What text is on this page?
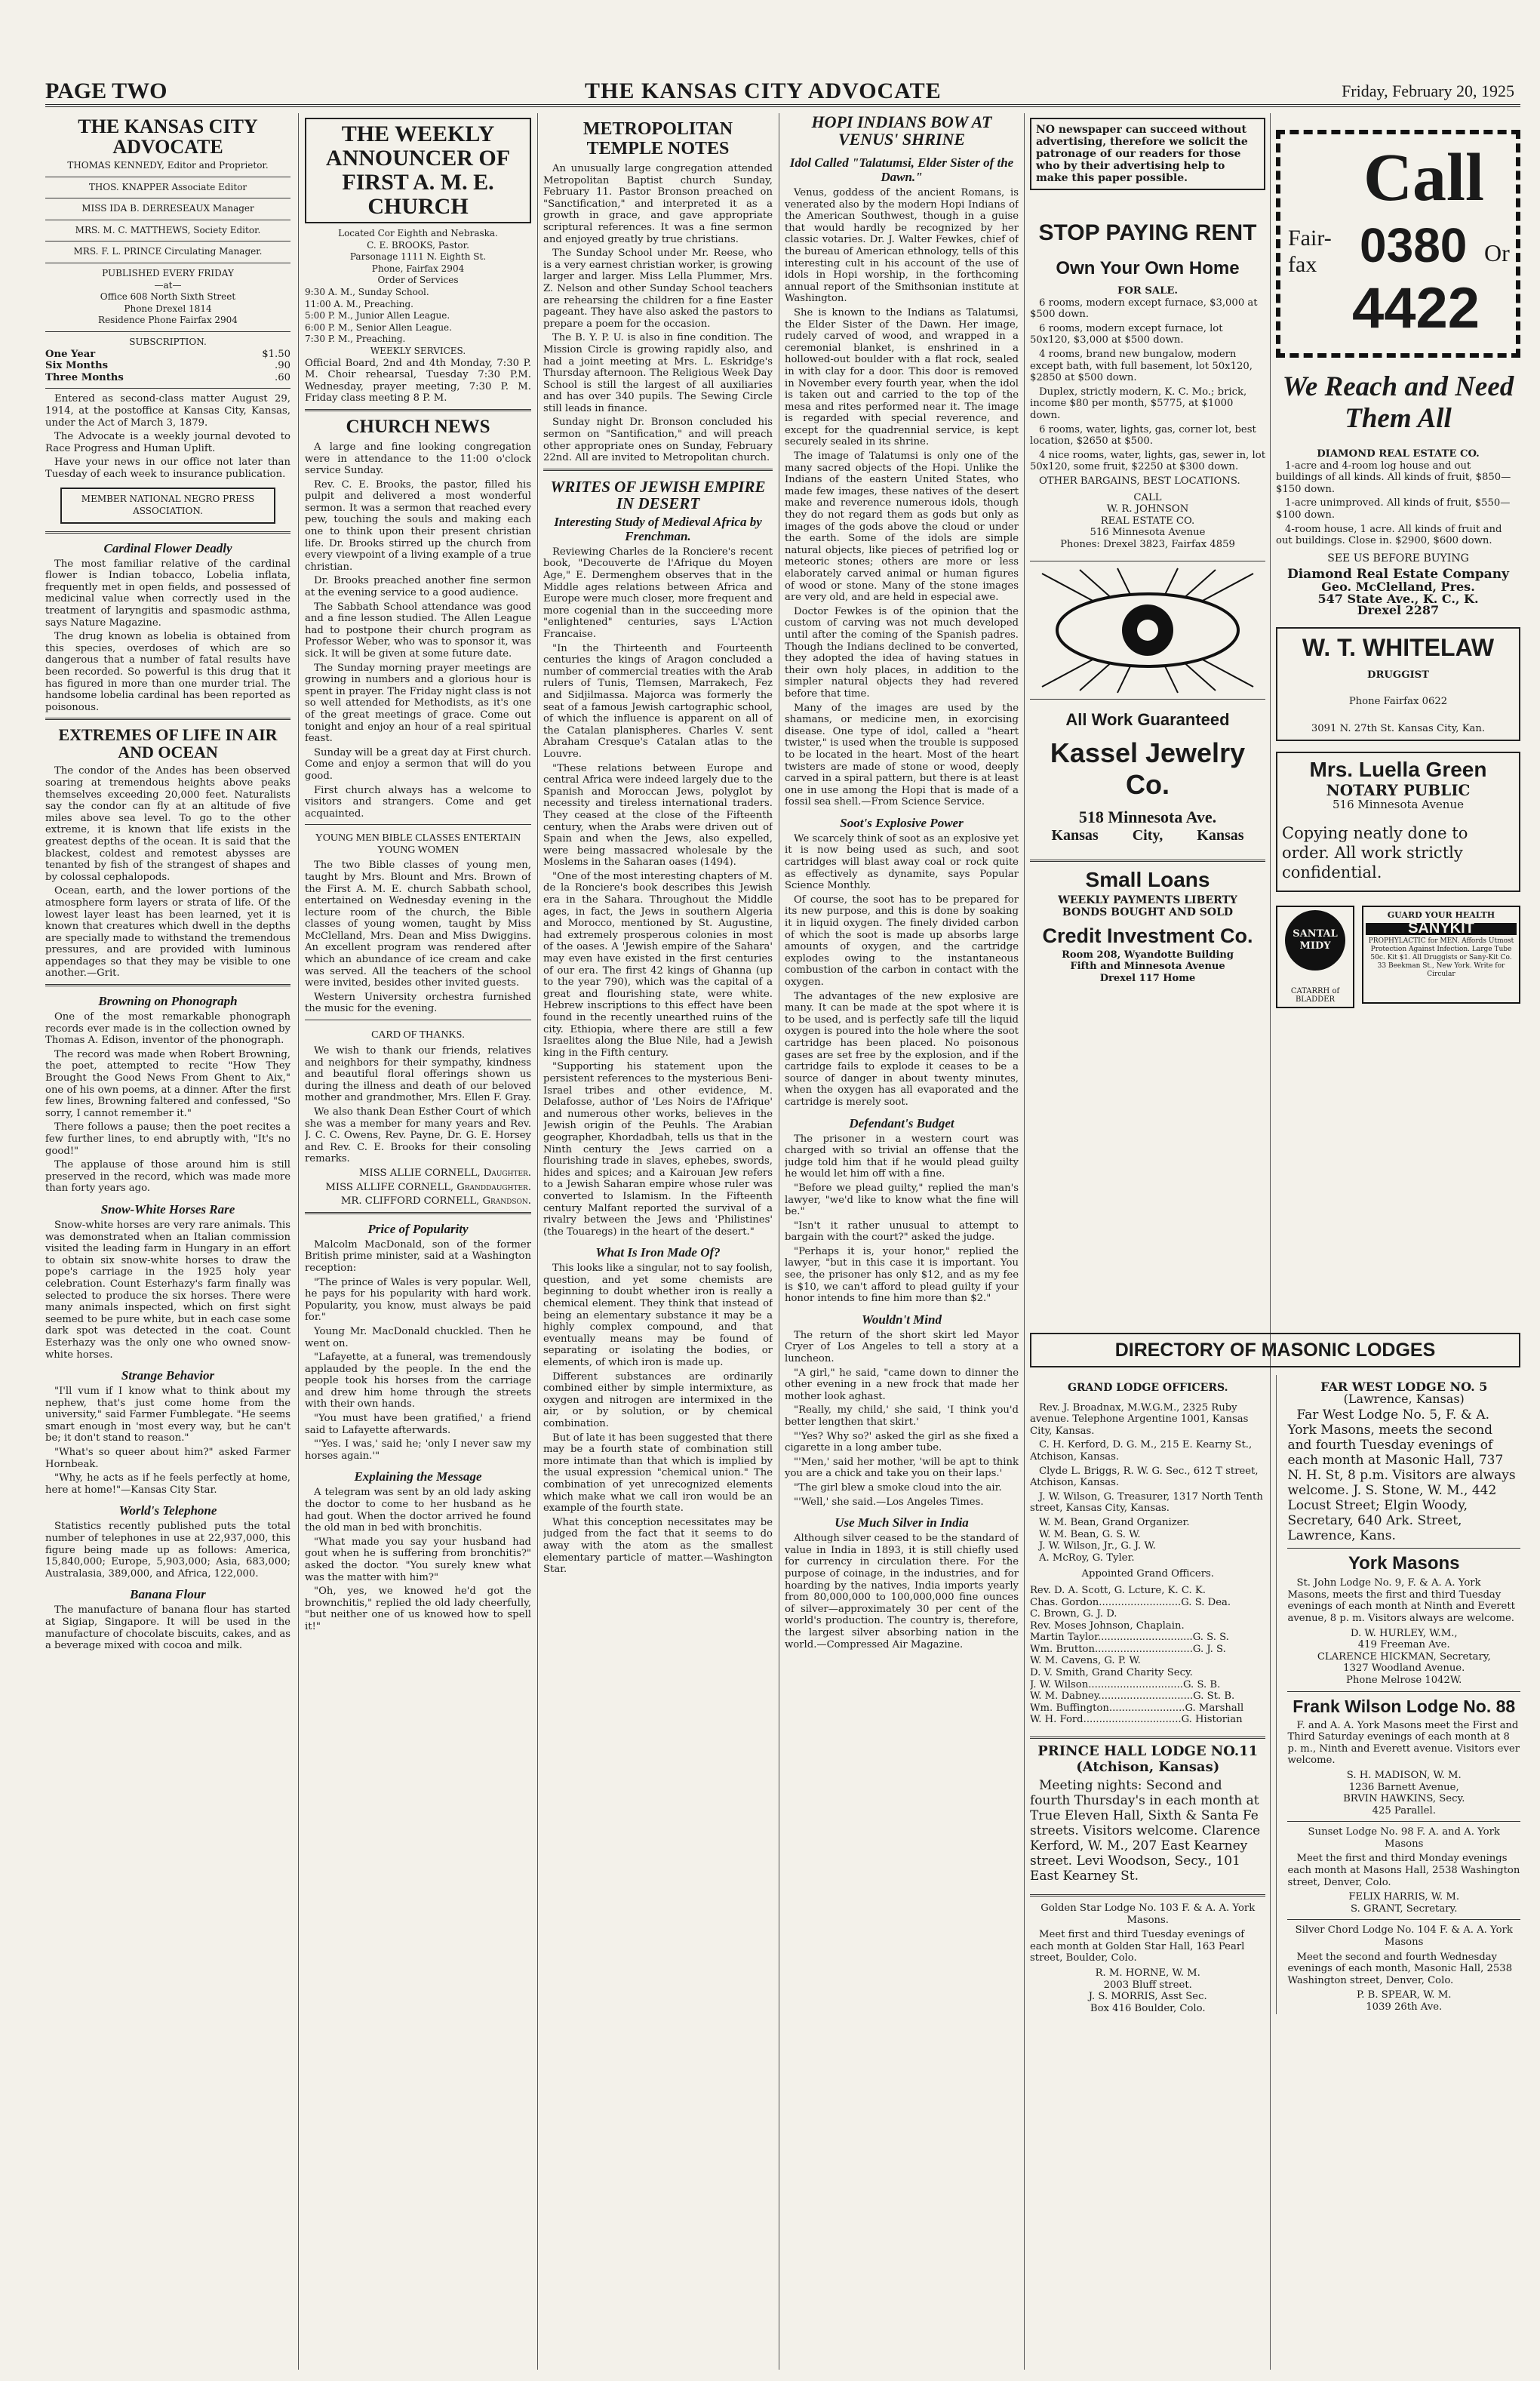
PAGE TWO	THE KANSAS CITY ADVOCATE	Friday, February 20, 1925
THE KANSAS CITY ADVOCATE
THOMAS KENNEDY, Editor and Proprietor.
THOS. KNAPPER Associate Editor
MISS IDA B. DERRESEAUX Manager
MRS. M. C. MATTHEWS, Society Editor.
MRS. F. L. PRINCE Circulating Manager.
PUBLISHED EVERY FRIDAY
—at—
Office 608 North Sixth Street
Phone Drexel 1814
Residence Phone Fairfax 2904
SUBSCRIPTION.
One Year	$1.50
Six Months	.90
Three Months	.60

Entered as second-class matter August 29, 1914, at the postoffice at Kansas City, Kansas, under the Act of March 3, 1879.

The Advocate is a weekly journal devoted to Race Progress and Human Uplift.

Have your news in our office not later than Tuesday of each week to insurance publication.

MEMBER NATIONAL NEGRO PRESS ASSOCIATION.
Cardinal Flower Deadly

The most familiar relative of the cardinal flower is Indian tobacco, Lobelia inflata, frequently met in open fields, and possessed of medicinal value when correctly used in the treatment of laryngitis and spasmodic asthma, says Nature Magazine.

The drug known as lobelia is obtained from this species, overdoses of which are so dangerous that a number of fatal results have been recorded. So powerful is this drug that it has figured in more than one murder trial. The handsome lobelia cardinal has been reported as poisonous.

EXTREMES OF LIFE IN AIR AND OCEAN

The condor of the Andes has been observed soaring at tremendous heights above peaks themselves exceeding 20,000 feet. Naturalists say the condor can fly at an altitude of five miles above sea level. To go to the other extreme, it is known that life exists in the greatest depths of the ocean. It is said that the blackest, coldest and remotest abysses are tenanted by fish of the strangest of shapes and by colossal cephalopods.

Ocean, earth, and the lower portions of the atmosphere form layers or strata of life. Of the lowest layer least has been learned, yet it is known that creatures which dwell in the depths are specially made to withstand the tremendous pressures, and are provided with luminous appendages so that they may be visible to one another.—Grit.

Browning on Phonograph

One of the most remarkable phonograph records ever made is in the collection owned by Thomas A. Edison, inventor of the phonograph.

The record was made when Robert Browning, the poet, attempted to recite "How They Brought the Good News From Ghent to Aix," one of his own poems, at a dinner. After the first few lines, Browning faltered and confessed, "So sorry, I cannot remember it."

There follows a pause; then the poet recites a few further lines, to end abruptly with, "It's no good!"

The applause of those around him is still preserved in the record, which was made more than forty years ago.

Snow-White Horses Rare

Snow-white horses are very rare animals. This was demonstrated when an Italian commission visited the leading farm in Hungary in an effort to obtain six snow-white horses to draw the pope's carriage in the 1925 holy year celebration. Count Esterhazy's farm finally was selected to produce the six horses. There were many animals inspected, which on first sight seemed to be pure white, but in each case some dark spot was detected in the coat. Count Esterhazy was the only one who owned snow-white horses.

Strange Behavior

"I'll vum if I know what to think about my nephew, that's just come home from the university," said Farmer Fumblegate. "He seems smart enough in 'most every way, but he can't be; it don't stand to reason."

"What's so queer about him?" asked Farmer Hornbeak.

"Why, he acts as if he feels perfectly at home, here at home!"—Kansas City Star.

World's Telephone

Statistics recently published puts the total number of telephones in use at 22,937,000, this figure being made up as follows: America, 15,840,000; Europe, 5,903,000; Asia, 683,000; Australasia, 389,000, and Africa, 122,000.

Banana Flour

The manufacture of banana flour has started at Sigiap, Singapore. It will be used in the manufacture of chocolate biscuits, cakes, and as a beverage mixed with cocoa and milk.

THE WEEKLY ANNOUNCER OF FIRST A. M. E. CHURCH
Located Cor Eighth and Nebraska.
C. E. BROOKS, Pastor.
Parsonage 1111 N. Eighth St.
Phone, Fairfax 2904
Order of Services
9:30 A. M., Sunday School.
11:00 A. M., Preaching.
5:00 P. M., Junior Allen League.
6:00 P. M., Senior Allen League.
7:30 P. M., Preaching.
WEEKLY SERVICES.

Official Board, 2nd and 4th Monday, 7:30 P. M. Choir rehearsal, Tuesday 7:30 P.M. Wednesday, prayer meeting, 7:30 P. M. Friday class meeting 8 P. M.

CHURCH NEWS

A large and fine looking congregation were in attendance to the 11:00 o'clock service Sunday.

Rev. C. E. Brooks, the pastor, filled his pulpit and delivered a most wonderful sermon. It was a sermon that reached every pew, touching the souls and making each one to think upon their present christian life. Dr. Brooks stirred up the church from every viewpoint of a living example of a true christian.

Dr. Brooks preached another fine sermon at the evening service to a good audience.

The Sabbath School attendance was good and a fine lesson studied. The Allen League had to postpone their church program as Professor Weber, who was to sponsor it, was sick. It will be given at some future date.

The Sunday morning prayer meetings are growing in numbers and a glorious hour is spent in prayer. The Friday night class is not so well attended for Methodists, as it's one of the great meetings of grace. Come out tonight and enjoy an hour of a real spiritual feast.

Sunday will be a great day at First church. Come and enjoy a sermon that will do you good.

First church always has a welcome to visitors and strangers. Come and get acquainted.

YOUNG MEN BIBLE CLASSES ENTERTAIN YOUNG WOMEN

The two Bible classes of young men, taught by Mrs. Blount and Mrs. Brown of the First A. M. E. church Sabbath school, entertained on Wednesday evening in the lecture room of the church, the Bible classes of young women, taught by Miss McClelland, Mrs. Dean and Miss Dwiggins. An excellent program was rendered after which an abundance of ice cream and cake was served. All the teachers of the school were invited, besides other invited guests.

Western University orchestra furnished the music for the evening.

CARD OF THANKS.

We wish to thank our friends, relatives and neighbors for their sympathy, kindness and beautiful floral offerings shown us during the illness and death of our beloved mother and grandmother, Mrs. Ellen F. Gray.

We also thank Dean Esther Court of which she was a member for many years and Rev. J. C. C. Owens, Rev. Payne, Dr. G. E. Horsey and Rev. C. E. Brooks for their consoling remarks.

MISS ALLIE CORNELL, Daughter.

MISS ALLIFE CORNELL, Granddaughter.

MR. CLIFFORD CORNELL, Grandson.

Price of Popularity

Malcolm MacDonald, son of the former British prime minister, said at a Washington reception:

"The prince of Wales is very popular. Well, he pays for his popularity with hard work. Popularity, you know, must always be paid for."

Young Mr. MacDonald chuckled. Then he went on.

"Lafayette, at a funeral, was tremendously applauded by the people. In the end the people took his horses from the carriage and drew him home through the streets with their own hands.

"You must have been gratified,' a friend said to Lafayette afterwards.

"'Yes. I was,' said he; 'only I never saw my horses again.'"

Explaining the Message

A telegram was sent by an old lady asking the doctor to come to her husband as he had gout. When the doctor arrived he found the old man in bed with bronchitis.

"What made you say your husband had gout when he is suffering from bronchitis?" asked the doctor. "You surely knew what was the matter with him?"

"Oh, yes, we knowed he'd got the brownchitis," replied the old lady cheerfully, "but neither one of us knowed how to spell it!"

METROPOLITAN TEMPLE NOTES

An unusually large congregation attended Metropolitan Baptist church Sunday, February 11. Pastor Bronson preached on "Sanctification," and interpreted it as a growth in grace, and gave appropriate scriptural references. It was a fine sermon and enjoyed greatly by true christians.

The Sunday School under Mr. Reese, who is a very earnest christian worker, is growing larger and larger. Miss Lella Plummer, Mrs. Z. Nelson and other Sunday School teachers are rehearsing the children for a fine Easter pageant. They have also asked the pastors to prepare a poem for the occasion.

The B. Y. P. U. is also in fine condition. The Mission Circle is growing rapidly also, and had a joint meeting at Mrs. L. Eskridge's Thursday afternoon. The Religious Week Day School is still the largest of all auxiliaries and has over 340 pupils. The Sewing Circle still leads in finance.

Sunday night Dr. Bronson concluded his sermon on "Santification," and will preach other appropriate ones on Sunday, February 22nd. All are invited to Metropolitan church.

WRITES OF JEWISH EMPIRE IN DESERT
Interesting Study of Medieval Africa by Frenchman.

Reviewing Charles de la Ronciere's recent book, "Decouverte de l'Afrique du Moyen Age," E. Dermenghem observes that in the Middle ages relations between Africa and Europe were much closer, more frequent and more cogenial than in the succeeding more "enlightened" centuries, says L'Action Francaise.

"In the Thirteenth and Fourteenth centuries the kings of Aragon concluded a number of commercial treaties with the Arab rulers of Tunis, Tlemsen, Marrakech, Fez and Sidjilmassa. Majorca was formerly the seat of a famous Jewish cartographic school, of which the influence is apparent on all of the Catalan planispheres. Charles V. sent Abraham Cresque's Catalan atlas to the Louvre.

"These relations between Europe and central Africa were indeed largely due to the Spanish and Moroccan Jews, polyglot by necessity and tireless international traders. They ceased at the close of the Fifteenth century, when the Arabs were driven out of Spain and when the Jews, also expelled, were being massacred wholesale by the Moslems in the Saharan oases (1494).

"One of the most interesting chapters of M. de la Ronciere's book describes this Jewish era in the Sahara. Throughout the Middle ages, in fact, the Jews in southern Algeria and Morocco, mentioned by St. Augustine, had extremely prosperous colonies in most of the oases. A 'Jewish empire of the Sahara' may even have existed in the first centuries of our era. The first 42 kings of Ghanna (up to the year 790), which was the capital of a great and flourishing state, were white. Hebrew inscriptions to this effect have been found in the recently unearthed ruins of the city. Ethiopia, where there are still a few Israelites along the Blue Nile, had a Jewish king in the Fifth century.

"Supporting his statement upon the persistent references to the mysterious Beni-Israel tribes and other evidence, M. Delafosse, author of 'Les Noirs de l'Afrique' and numerous other works, believes in the Jewish origin of the Peuhls. The Arabian geographer, Khordadbah, tells us that in the Ninth century the Jews carried on a flourishing trade in slaves, ephebes, swords, hides and spices; and a Kairouan Jew refers to a Jewish Saharan empire whose ruler was converted to Islamism. In the Fifteenth century Malfant reported the survival of a rivalry between the Jews and 'Philistines' (the Touaregs) in the heart of the desert."

What Is Iron Made Of?

This looks like a singular, not to say foolish, question, and yet some chemists are beginning to doubt whether iron is really a chemical element. They think that instead of being an elementary substance it may be a highly complex compound, and that eventually means may be found of separating or isolating the bodies, or elements, of which iron is made up.

Different substances are ordinarily combined either by simple intermixture, as oxygen and nitrogen are intermixed in the air, or by solution, or by chemical combination.

But of late it has been suggested that there may be a fourth state of combination still more intimate than that which is implied by the usual expression "chemical union." The combination of yet unrecognized elements which make what we call iron would be an example of the fourth state.

What this conception necessitates may be judged from the fact that it seems to do away with the atom as the smallest elementary particle of matter.—Washington Star.

HOPI INDIANS BOW AT VENUS' SHRINE
Idol Called "Talatumsi, Elder Sister of the Dawn."

Venus, goddess of the ancient Romans, is venerated also by the modern Hopi Indians of the American Southwest, though in a guise that would hardly be recognized by her classic votaries. Dr. J. Walter Fewkes, chief of the bureau of American ethnology, tells of this interesting cult in his account of the use of idols in Hopi worship, in the forthcoming annual report of the Smithsonian institute at Washington.

She is known to the Indians as Talatumsi, the Elder Sister of the Dawn. Her image, rudely carved of wood, and wrapped in a ceremonial blanket, is enshrined in a hollowed-out boulder with a flat rock, sealed in with clay for a door. This door is removed in November every fourth year, when the idol is taken out and carried to the top of the mesa and rites performed near it. The image is regarded with special reverence, and except for the quadrennial service, is kept securely sealed in its shrine.

The image of Talatumsi is only one of the many sacred objects of the Hopi. Unlike the Indians of the eastern United States, who made few images, these natives of the desert make and reverence numerous idols, though they do not regard them as gods but only as images of the gods above the cloud or under the earth. Some of the idols are simple natural objects, like pieces of petrified log or meteoric stones; others are more or less elaborately carved animal or human figures of wood or stone. Many of the stone images are very old, and are held in especial awe.

Doctor Fewkes is of the opinion that the custom of carving was not much developed until after the coming of the Spanish padres. Though the Indians declined to be converted, they adopted the idea of having statues in their own holy places, in addition to the simpler natural objects they had revered before that time.

Many of the images are used by the shamans, or medicine men, in exorcising disease. One type of idol, called a "heart twister," is used when the trouble is supposed to be located in the heart. Most of the heart twisters are made of stone or wood, deeply carved in a spiral pattern, but there is at least one in use among the Hopi that is made of a fossil sea shell.—From Science Service.

Soot's Explosive Power

We scarcely think of soot as an explosive yet it is now being used as such, and soot cartridges will blast away coal or rock quite as effectively as dynamite, says Popular Science Monthly.

Of course, the soot has to be prepared for its new purpose, and this is done by soaking it in liquid oxygen. The finely divided carbon of which the soot is made up absorbs large amounts of oxygen, and the cartridge explodes owing to the instantaneous combustion of the carbon in contact with the oxygen.

The advantages of the new explosive are many. It can be made at the spot where it is to be used, and is perfectly safe till the liquid oxygen is poured into the hole where the soot cartridge has been placed. No poisonous gases are set free by the explosion, and if the cartridge fails to explode it ceases to be a source of danger in about twenty minutes, when the oxygen has all evaporated and the cartridge is merely soot.

Defendant's Budget

The prisoner in a western court was charged with so trivial an offense that the judge told him that if he would plead guilty he would let him off with a fine.

"Before we plead guilty," replied the man's lawyer, "we'd like to know what the fine will be."

"Isn't it rather unusual to attempt to bargain with the court?" asked the judge.

"Perhaps it is, your honor," replied the lawyer, "but in this case it is important. You see, the prisoner has only $12, and as my fee is $10, we can't afford to plead guilty if your honor intends to fine him more than $2."

Wouldn't Mind

The return of the short skirt led Mayor Cryer of Los Angeles to tell a story at a luncheon.

"A girl," he said, "came down to dinner the other evening in a new frock that made her mother look aghast.

"Really, my child,' she said, 'I think you'd better lengthen that skirt.'

"'Yes? Why so?' asked the girl as she fixed a cigarette in a long amber tube.

"'Men,' said her mother, 'will be apt to think you are a chick and take you on their laps.'

"The girl blew a smoke cloud into the air.

"'Well,' she said.—Los Angeles Times.

Use Much Silver in India

Although silver ceased to be the standard of value in India in 1893, it is still chiefly used for currency in circulation there. For the purpose of coinage, in the industries, and for hoarding by the natives, India imports yearly from 80,000,000 to 100,000,000 fine ounces of silver—approximately 30 per cent of the world's production. The country is, therefore, the largest silver absorbing nation in the world.—Compressed Air Magazine.

NO newspaper can succeed without advertising, therefore we solicit the patronage of our readers for those who by their advertising help to make this paper possible.
STOP PAYING RENT
Own Your Own Home
FOR SALE.

6 rooms, modern except furnace, $3,000 at $500 down.

6 rooms, modern except furnace, lot 50x120, $3,000 at $500 down.

4 rooms, brand new bungalow, modern except bath, with full basement, lot 50x120, $2850 at $500 down.

Duplex, strictly modern, K. C. Mo.; brick, income $80 per month, $5775, at $1000 down.

6 rooms, water, lights, gas, corner lot, best location, $2650 at $500.

4 nice rooms, water, lights, gas, sewer in, lot 50x120, some fruit, $2250 at $300 down.

OTHER BARGAINS, BEST LOCATIONS.
CALL
W. R. JOHNSON
REAL ESTATE CO.
516 Minnesota Avenue
Phones: Drexel 3823, Fairfax 4859
All Work Guaranteed
Kassel Jewelry Co.
518 Minnesota Ave.
Kansas City, Kansas
Small Loans
WEEKLY PAYMENTS LIBERTY BONDS BOUGHT AND SOLD
Credit Investment Co.
Room 208, Wyandotte Building Fifth and Minnesota Avenue Drexel 117 Home
Call
Fair-
fax 0380 Or
4422
We Reach and Need Them All
DIAMOND REAL ESTATE CO.

1-acre and 4-room log house and out buildings of all kinds. All kinds of fruit, $850—$150 down.

1-acre unimproved. All kinds of fruit, $550—$100 down.

4-room house, 1 acre. All kinds of fruit and out buildings. Close in. $2900, $600 down.

SEE US BEFORE BUYING
Diamond Real Estate Company
Geo. McClelland, Pres.
547 State Ave., K. C., K.
Drexel 2287
W. T. WHITELAW
DRUGGIST
Phone Fairfax 0622
3091 N. 27th St. Kansas City, Kan.
Mrs. Luella Green
NOTARY PUBLIC
516 Minnesota Avenue
Copying neatly done to order. All work strictly confidential.
SANTAL MIDY
CATARRH of BLADDER
GUARD YOUR HEALTH
SANYKIT
PROPHYLACTIC for MEN. Affords Utmost Protection Against Infection. Large Tube 50c. Kit $1. All Druggists or Sany-Kit Co. 33 Beekman St., New York. Write for Circular
DIRECTORY OF MASONIC LODGES
GRAND LODGE OFFICERS.

Rev. J. Broadnax, M.W.G.M., 2325 Ruby avenue. Telephone Argentine 1001, Kansas City, Kansas.

C. H. Kerford, D. G. M., 215 E. Kearny St., Atchison, Kansas.

Clyde L. Briggs, R. W. G. Sec., 612 T street, Atchison, Kansas.

J. W. Wilson, G. Treasurer, 1317 North Tenth street, Kansas City, Kansas.

W. M. Bean, Grand Organizer.
W. M. Bean, G. S. W.
J. W. Wilson, Jr., G. J. W.
A. McRoy, G. Tyler.
Appointed Grand Officers.
Rev. D. A. Scott, G. Lcture, K. C. K.
Chas. Gordon..........................G. S. Dea.
C. Brown, G. J. D.
Rev. Moses Johnson, Chaplain.
Martin Taylor..............................G. S. S.
Wm. Brutton...............................G. J. S.
W. M. Cavens, G. P. W.
D. V. Smith, Grand Charity Secy.
J. W. Wilson..............................G. S. B.
W. M. Dabney..............................G. St. B.
Wm. Buffington........................G. Marshall
W. H. Ford...............................G. Historian
PRINCE HALL LODGE NO.11 (Atchison, Kansas)

Meeting nights: Second and fourth Thursday's in each month at True Eleven Hall, Sixth & Santa Fe streets. Visitors welcome. Clarence Kerford, W. M., 207 East Kearney street. Levi Woodson, Secy., 101 East Kearney St.

Golden Star Lodge No. 103 F. & A. A. York Masons.

Meet first and third Tuesday evenings of each month at Golden Star Hall, 163 Pearl street, Boulder, Colo.

R. M. HORNE, W. M.
2003 Bluff street.
J. S. MORRIS, Asst Sec.
Box 416 Boulder, Colo.
FAR WEST LODGE NO. 5
(Lawrence, Kansas)

Far West Lodge No. 5, F. & A. York Masons, meets the second and fourth Tuesday evenings of each month at Masonic Hall, 737 N. H. St, 8 p.m. Visitors are always welcome. J. S. Stone, W. M., 442 Locust Street; Elgin Woody, Secretary, 640 Ark. Street, Lawrence, Kans.

York Masons

St. John Lodge No. 9, F. & A. A. York Masons, meets the first and third Tuesday evenings of each month at Ninth and Everett avenue, 8 p. m. Visitors always are welcome.

D. W. HURLEY, W.M.,
419 Freeman Ave.
CLARENCE HICKMAN, Secretary,
1327 Woodland Avenue.
Phone Melrose 1042W.
Frank Wilson Lodge No. 88

F. and A. A. York Masons meet the First and Third Saturday evenings of each month at 8 p. m., Ninth and Everett avenue. Visitors ever welcome.

S. H. MADISON, W. M.
1236 Barnett Avenue,
BRVIN HAWKINS, Secy.
425 Parallel.
Sunset Lodge No. 98 F. A. and A. York Masons

Meet the first and third Monday evenings each month at Masons Hall, 2538 Washington street, Denver, Colo.

FELIX HARRIS, W. M.
S. GRANT, Secretary.
Silver Chord Lodge No. 104 F. & A. A. York Masons

Meet the second and fourth Wednesday evenings of each month, Masonic Hall, 2538 Washington street, Denver, Colo.

P. B. SPEAR, W. M.
1039 26th Ave.
